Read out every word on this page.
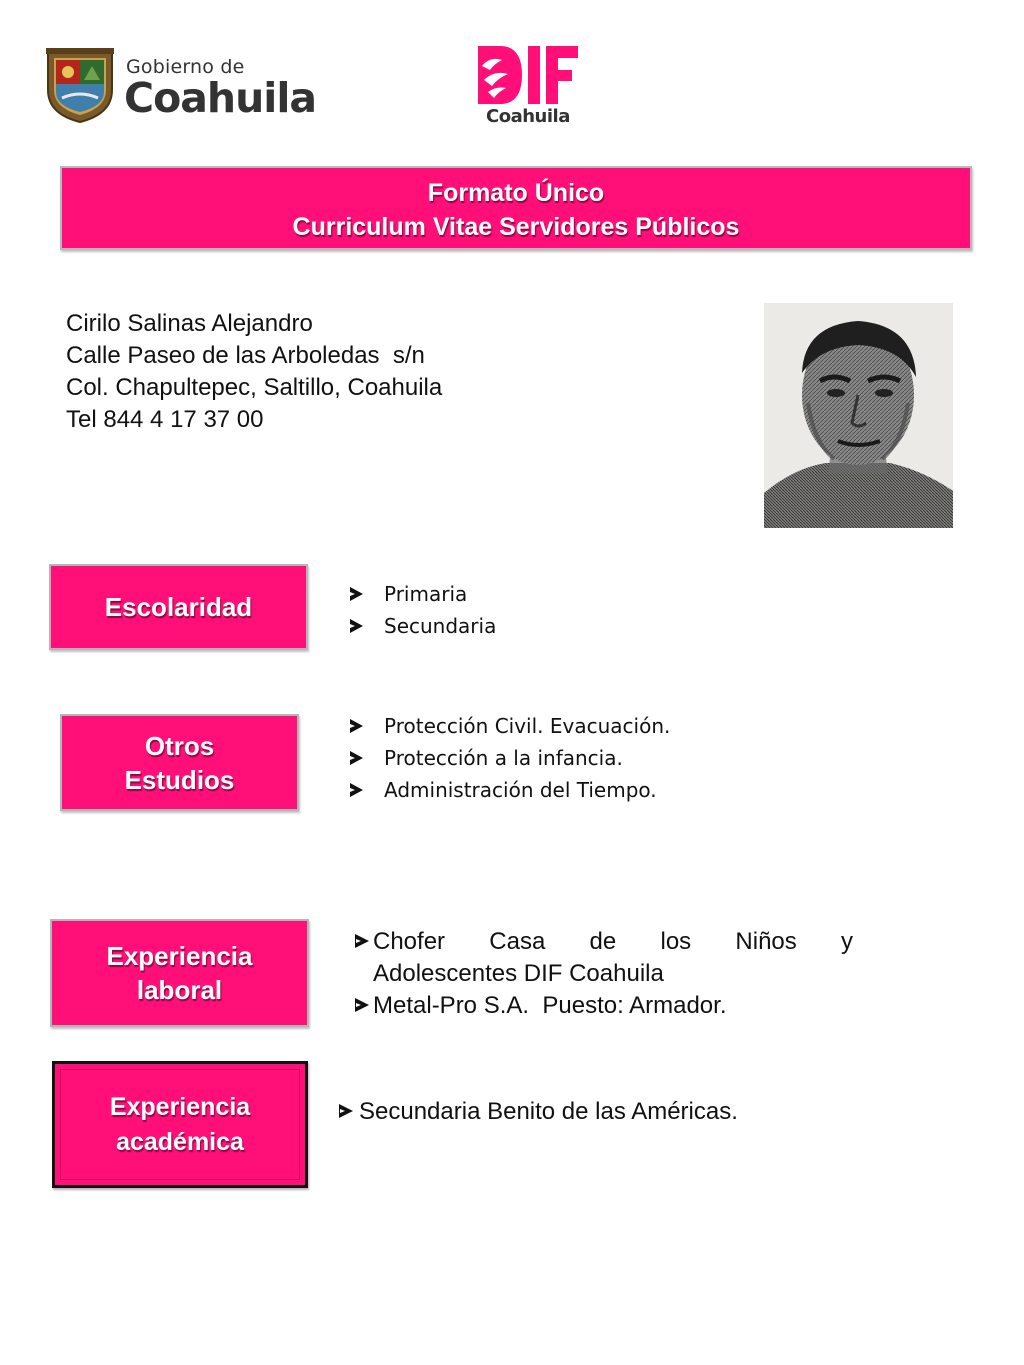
Gobierno de
Coahuila	Coahuila
Formato Único
Curriculum Vitae Servidores Públicos
Cirilo Salinas Alejandro
Calle Paseo de las Arboledas  s/n
Col. Chapultepec, Saltillo, Coahuila
Tel 844 4 17 37 00
Escolaridad	Primaria
Secundaria
Otros
Estudios
Protección Civil. Evacuación.
Protección a la infancia.
Administración del Tiempo.
Experiencia
laboral
Chofer Casa de los Niños y
Adolescentes DIF Coahuila
Metal-Pro S.A.  Puesto: Armador.
Experiencia
académica
Secundaria Benito de las Américas.
